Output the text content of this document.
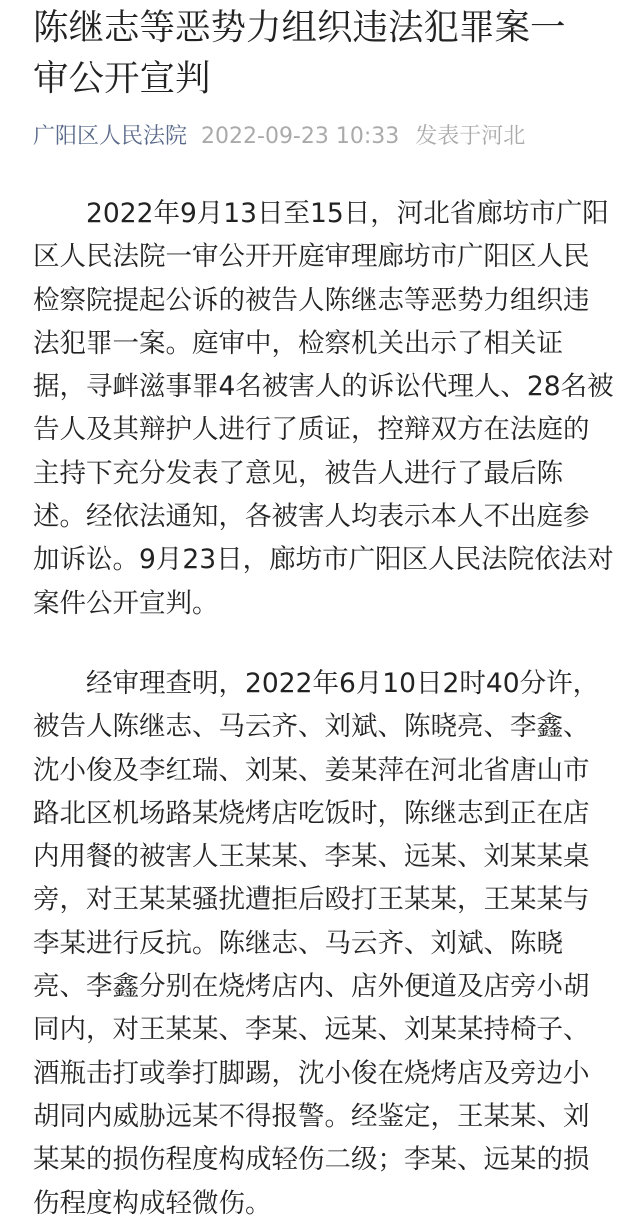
陈继志等恶势力组织违法犯罪案一
审公开宣判
广阳区人民法院 2022-09-23 10:33 发表于河北
　　2022年9月13日至15日，河北省廊坊市广阳
区人民法院一审公开开庭审理廊坊市广阳区人民
检察院提起公诉的被告人陈继志等恶势力组织违
法犯罪一案。庭审中，检察机关出示了相关证
据，寻衅滋事罪4名被害人的诉讼代理人、28名被
告人及其辩护人进行了质证，控辩双方在法庭的
主持下充分发表了意见，被告人进行了最后陈
述。经依法通知，各被害人均表示本人不出庭参
加诉讼。9月23日，廊坊市广阳区人民法院依法对
案件公开宣判。
　　经审理查明，2022年6月10日2时40分许，
被告人陈继志、马云齐、刘斌、陈晓亮、李鑫、
沈小俊及李红瑞、刘某、姜某萍在河北省唐山市
路北区机场路某烧烤店吃饭时，陈继志到正在店
内用餐的被害人王某某、李某、远某、刘某某桌
旁，对王某某骚扰遭拒后殴打王某某，王某某与
李某进行反抗。陈继志、马云齐、刘斌、陈晓
亮、李鑫分别在烧烤店内、店外便道及店旁小胡
同内，对王某某、李某、远某、刘某某持椅子、
酒瓶击打或拳打脚踢，沈小俊在烧烤店及旁边小
胡同内威胁远某不得报警。经鉴定，王某某、刘
某某的损伤程度构成轻伤二级；李某、远某的损
伤程度构成轻微伤。
